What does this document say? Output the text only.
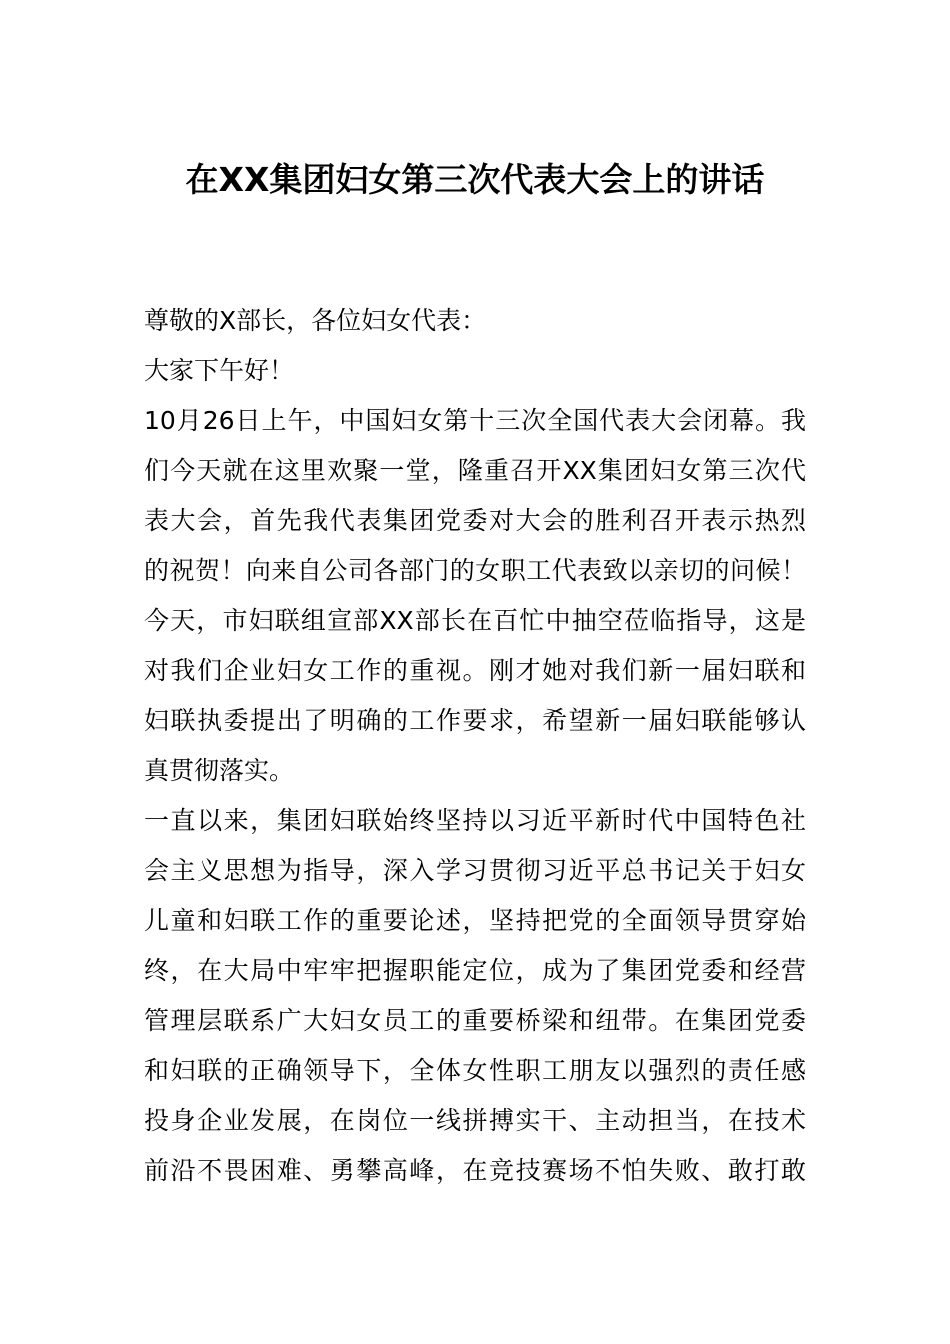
在XX集团妇女第三次代表大会上的讲话
尊敬的X部长，各位妇女代表：
大家下午好！
10月26日上午，中国妇女第十三次全国代表大会闭幕。我
们今天就在这里欢聚一堂，隆重召开XX集团妇女第三次代
表大会，首先我代表集团党委对大会的胜利召开表示热烈
的祝贺！向来自公司各部门的女职工代表致以亲切的问候！
今天，市妇联组宣部XX部长在百忙中抽空莅临指导，这是
对我们企业妇女工作的重视。刚才她对我们新一届妇联和
妇联执委提出了明确的工作要求，希望新一届妇联能够认
真贯彻落实。
一直以来，集团妇联始终坚持以习近平新时代中国特色社
会主义思想为指导，深入学习贯彻习近平总书记关于妇女
儿童和妇联工作的重要论述，坚持把党的全面领导贯穿始
终，在大局中牢牢把握职能定位，成为了集团党委和经营
管理层联系广大妇女员工的重要桥梁和纽带。在集团党委
和妇联的正确领导下，全体女性职工朋友以强烈的责任感
投身企业发展，在岗位一线拼搏实干、主动担当，在技术
前沿不畏困难、勇攀高峰，在竞技赛场不怕失败、敢打敢
